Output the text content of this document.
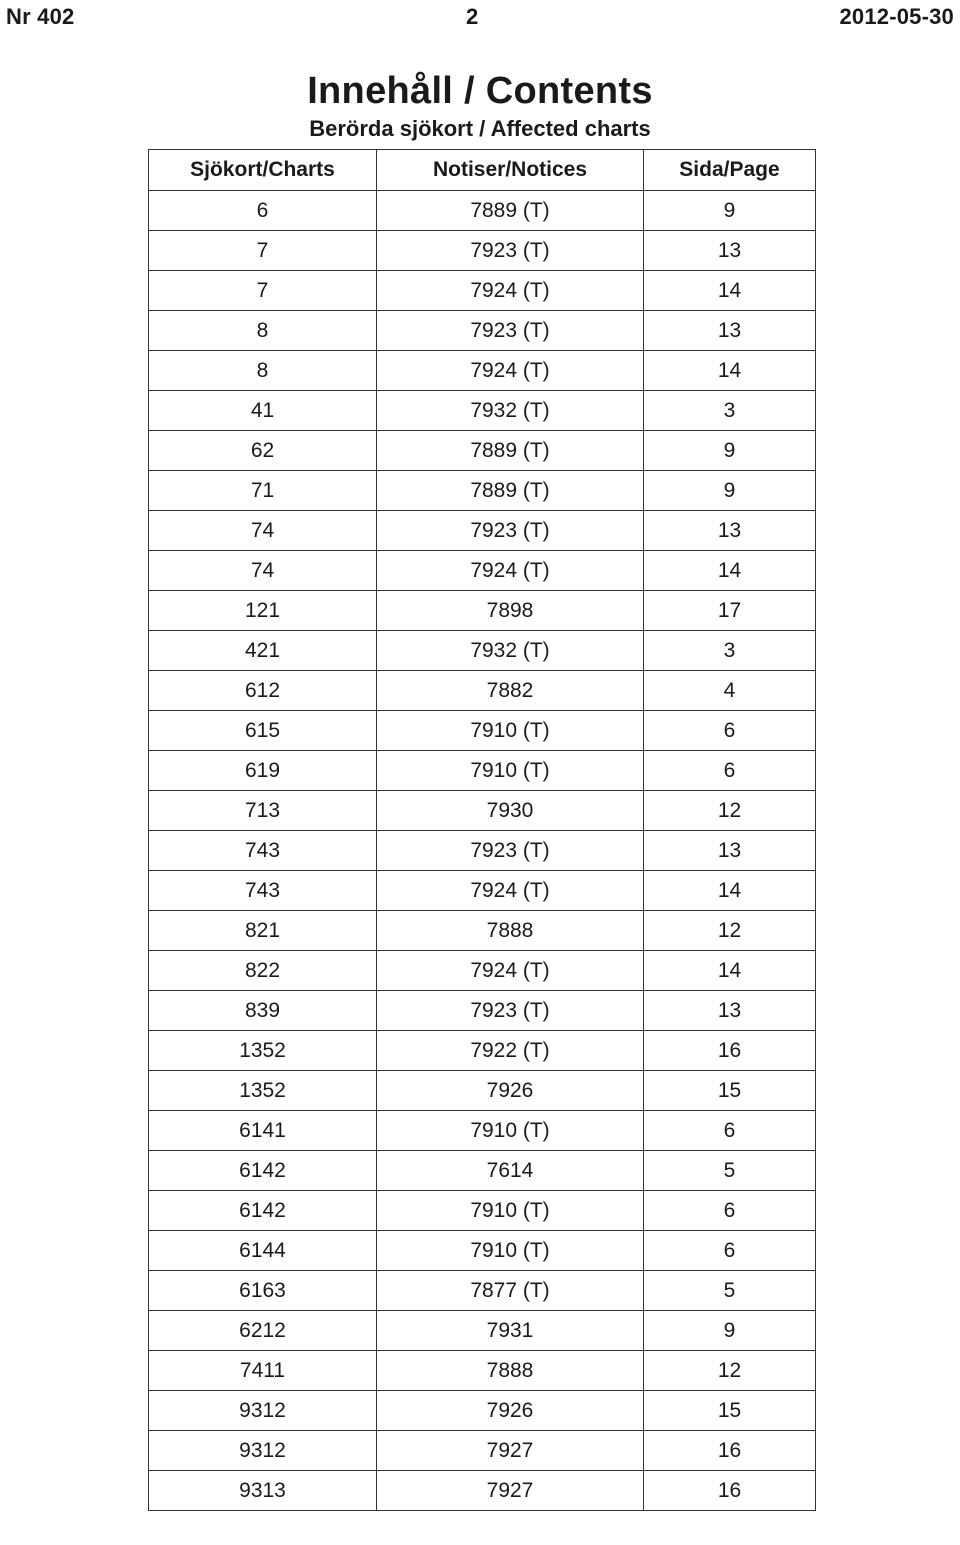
Nr 402	2	2012-05-30
Innehåll / Contents
Berörda sjökort / Affected charts
Sjökort/Charts	Notiser/Notices	Sida/Page
6	7889 (T)	9
7	7923 (T)	13
7	7924 (T)	14
8	7923 (T)	13
8	7924 (T)	14
41	7932 (T)	3
62	7889 (T)	9
71	7889 (T)	9
74	7923 (T)	13
74	7924 (T)	14
121	7898	17
421	7932 (T)	3
612	7882	4
615	7910 (T)	6
619	7910 (T)	6
713	7930	12
743	7923 (T)	13
743	7924 (T)	14
821	7888	12
822	7924 (T)	14
839	7923 (T)	13
1352	7922 (T)	16
1352	7926	15
6141	7910 (T)	6
6142	7614	5
6142	7910 (T)	6
6144	7910 (T)	6
6163	7877 (T)	5
6212	7931	9
7411	7888	12
9312	7926	15
9312	7927	16
9313	7927	16
